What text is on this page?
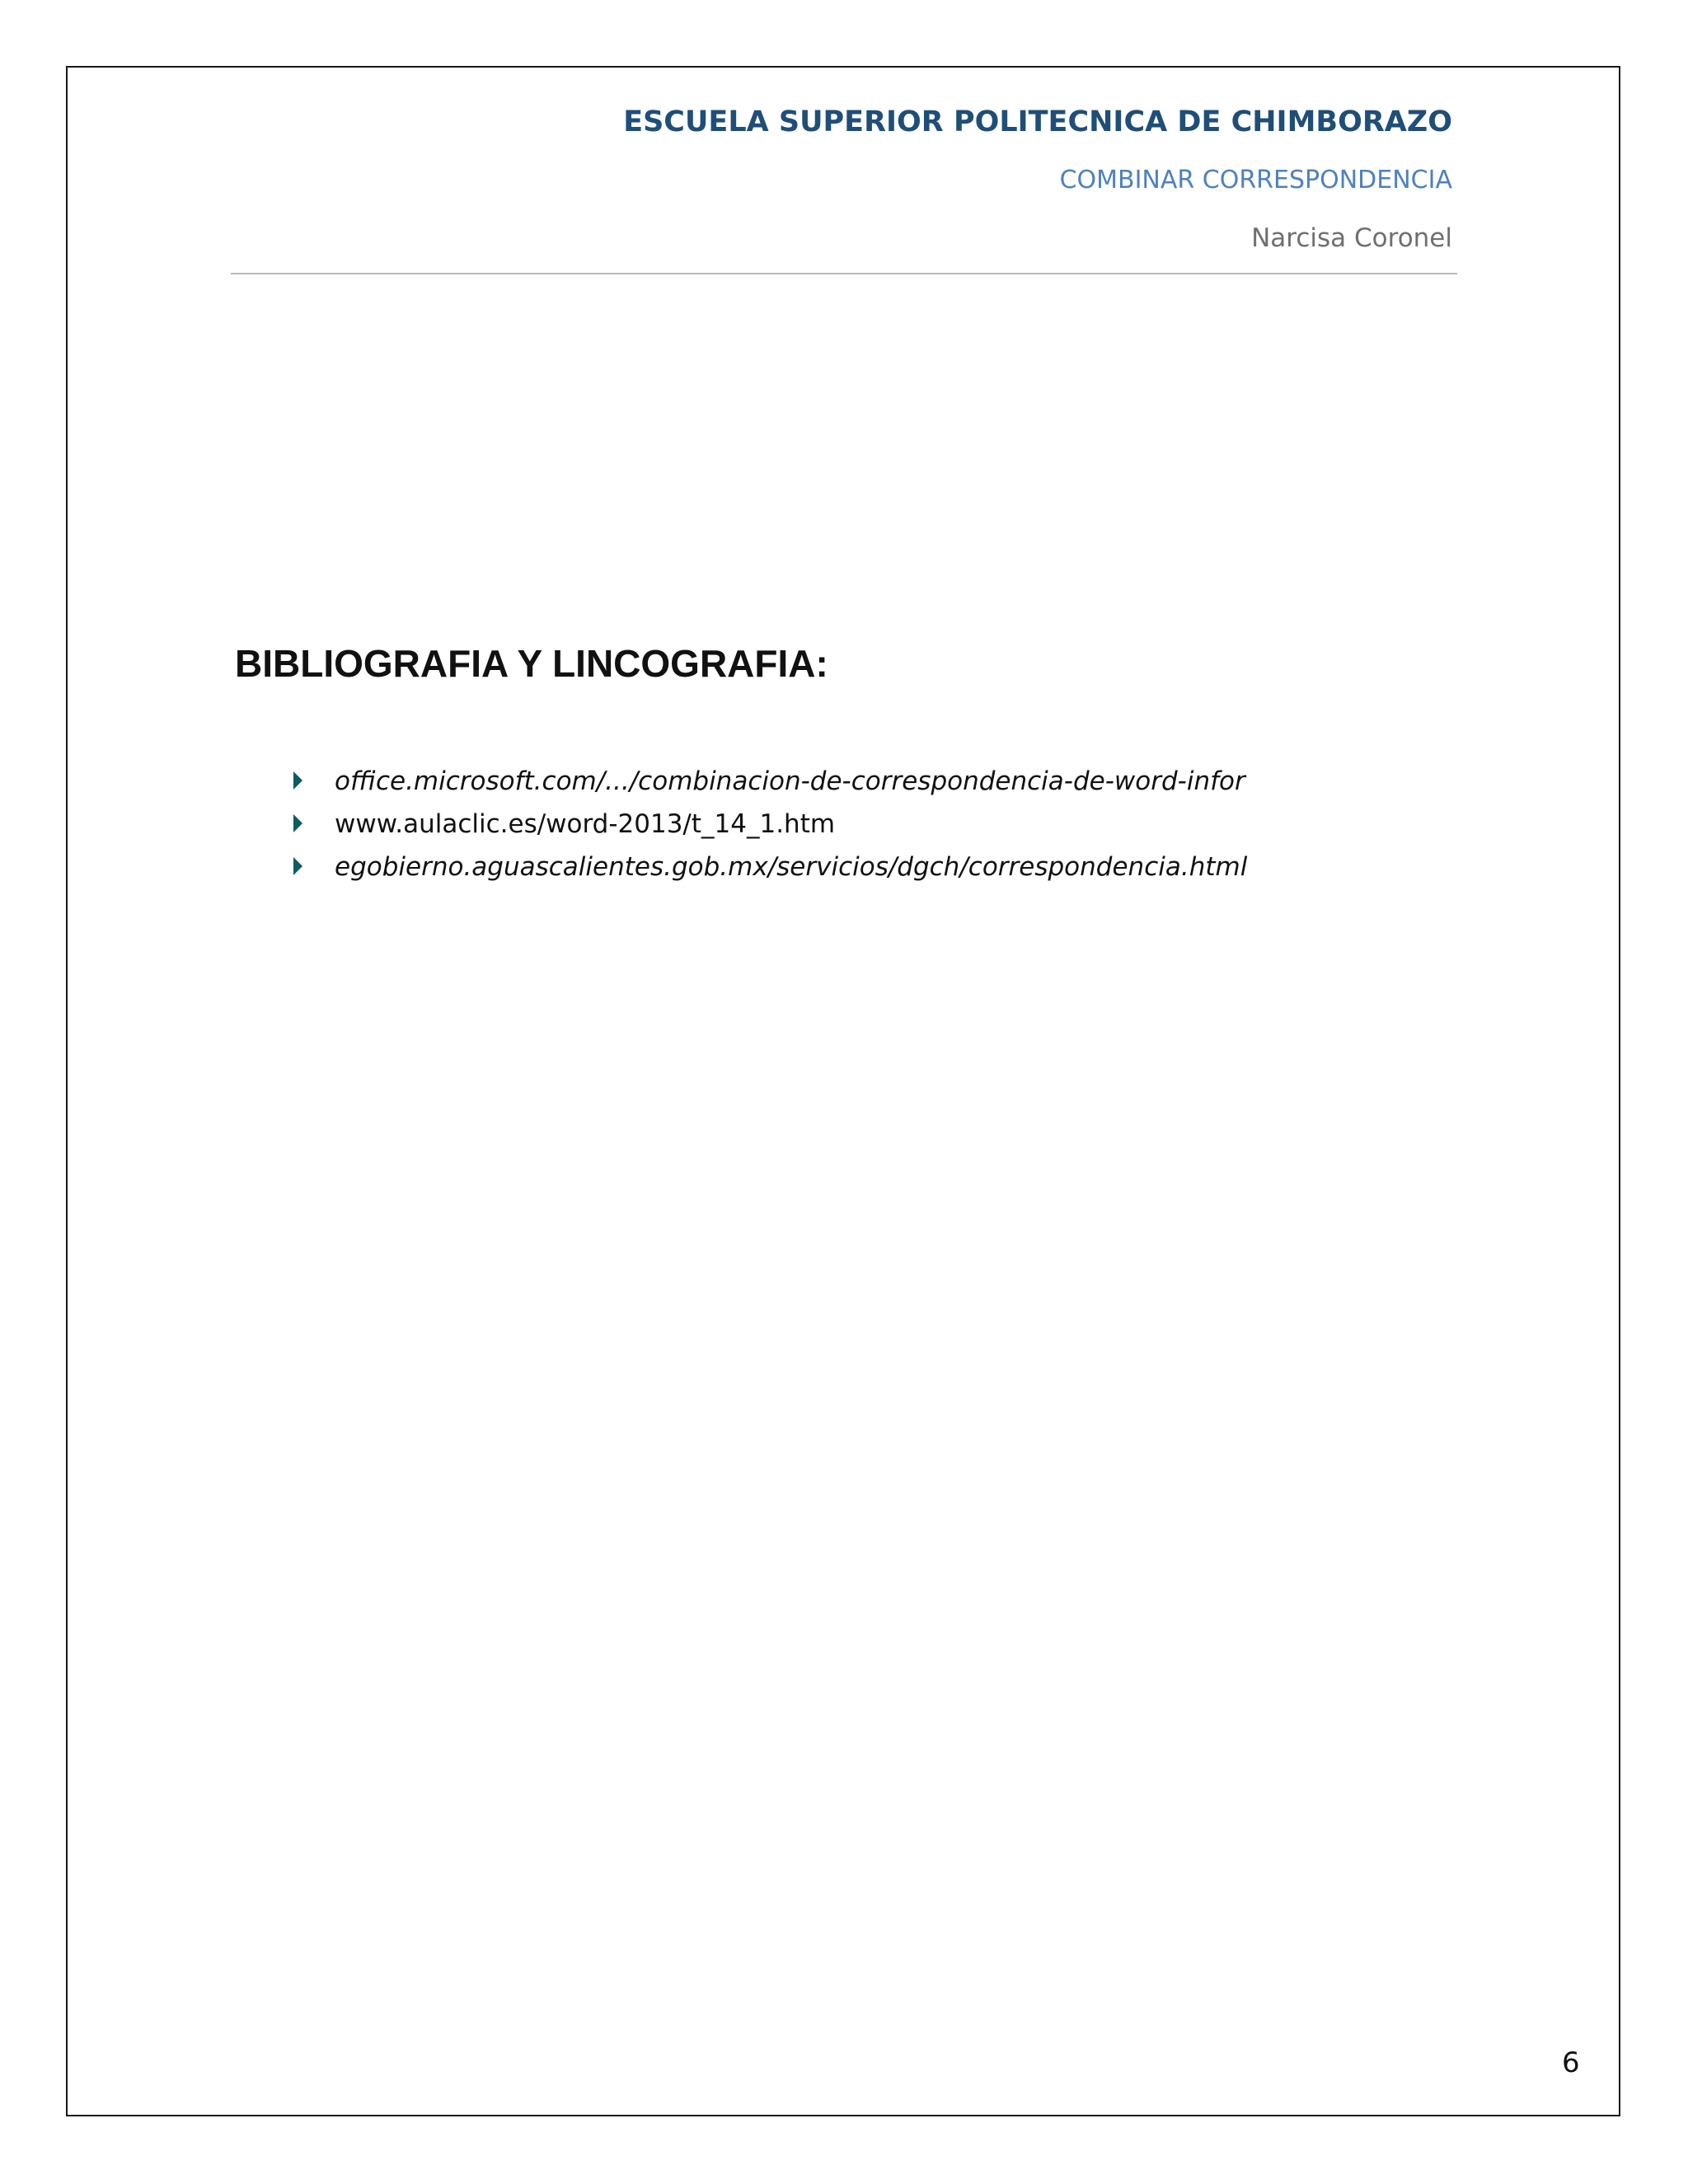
ESCUELA SUPERIOR POLITECNICA DE CHIMBORAZO
COMBINAR CORRESPONDENCIA
Narcisa Coronel
BIBLIOGRAFIA Y LINCOGRAFIA:
office.microsoft.com/.../combinacion-de-correspondencia-de-word-infor
www.aulaclic.es/word-2013/t_14_1.htm
egobierno.aguascalientes.gob.mx/servicios/dgch/correspondencia.html
6
